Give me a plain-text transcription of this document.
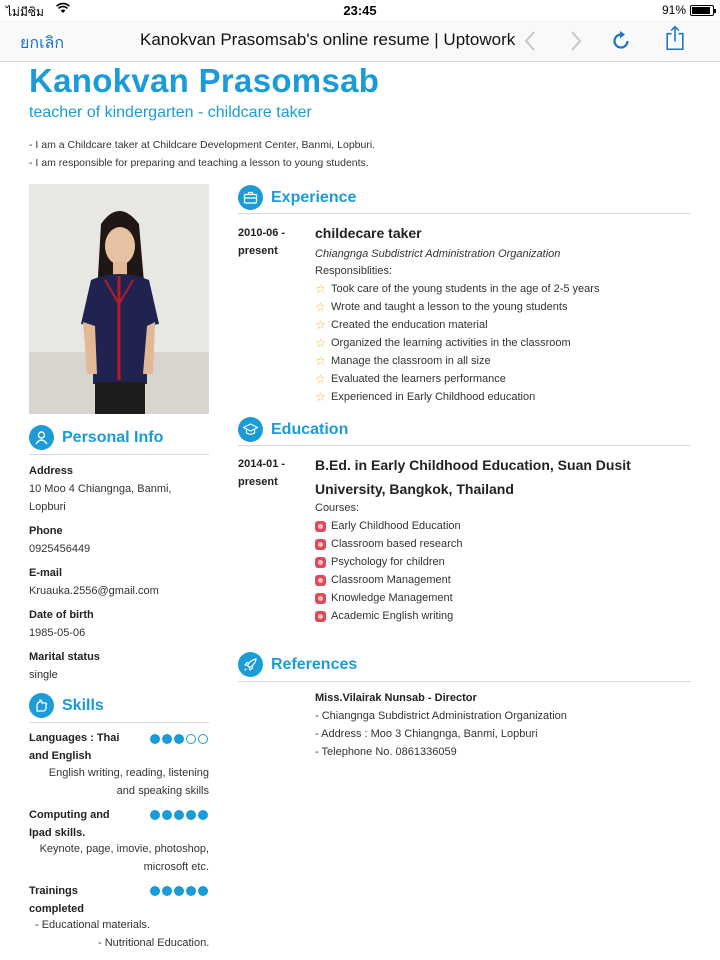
ไม่มีซิม	23:45	91%
ยกเลิก	Kanokvan Prasomsab's online resume | Uptowork
Kanokvan Prasomsab
teacher of kindergarten - childcare taker
- I am a Childcare taker at Childcare Development Center, Banmi, Lopburi.
- I am responsible for preparing and teaching a lesson to young students.
Personal Info
Address
10 Moo 4 Chiangnga, Banmi,
Lopburi
Phone
0925456449
E-mail
Kruauka.2556@gmail.com
Date of birth
1985-05-06
Marital status
single
Skills
Languages : Thai
and English
English writing, reading, listening
and speaking skills
Computing and
Ipad skills.
Keynote, page, imovie, photoshop,
microsoft etc.
Trainings
completed
- Educational materials.
- Nutritional Education.
Experience
2010-06 -
present
childecare taker
Chiangnga Subdistrict Administration Organization
Responsiblities:
☆ Took care of the young students in the age of 2-5 years
☆ Wrote and taught a lesson to the young students
☆ Created the enducation material
☆ Organized the learning activities in the classroom
☆ Manage the classroom in all size
☆ Evaluated the learners performance
☆ Experienced in Early Childhood education
Education
2014-01 -
present
B.Ed. in Early Childhood Education, Suan Dusit University, Bangkok, Thailand
Courses:
Early Childhood Education
Classroom based research
Psychology for children
Classroom Management
Knowledge Management
Academic English writing
References
Miss.Vilairak Nunsab - Director
- Chiangnga Subdistrict Administration Organization
- Address : Moo 3 Chiangnga, Banmi, Lopburi
- Telephone No. 0861336059
